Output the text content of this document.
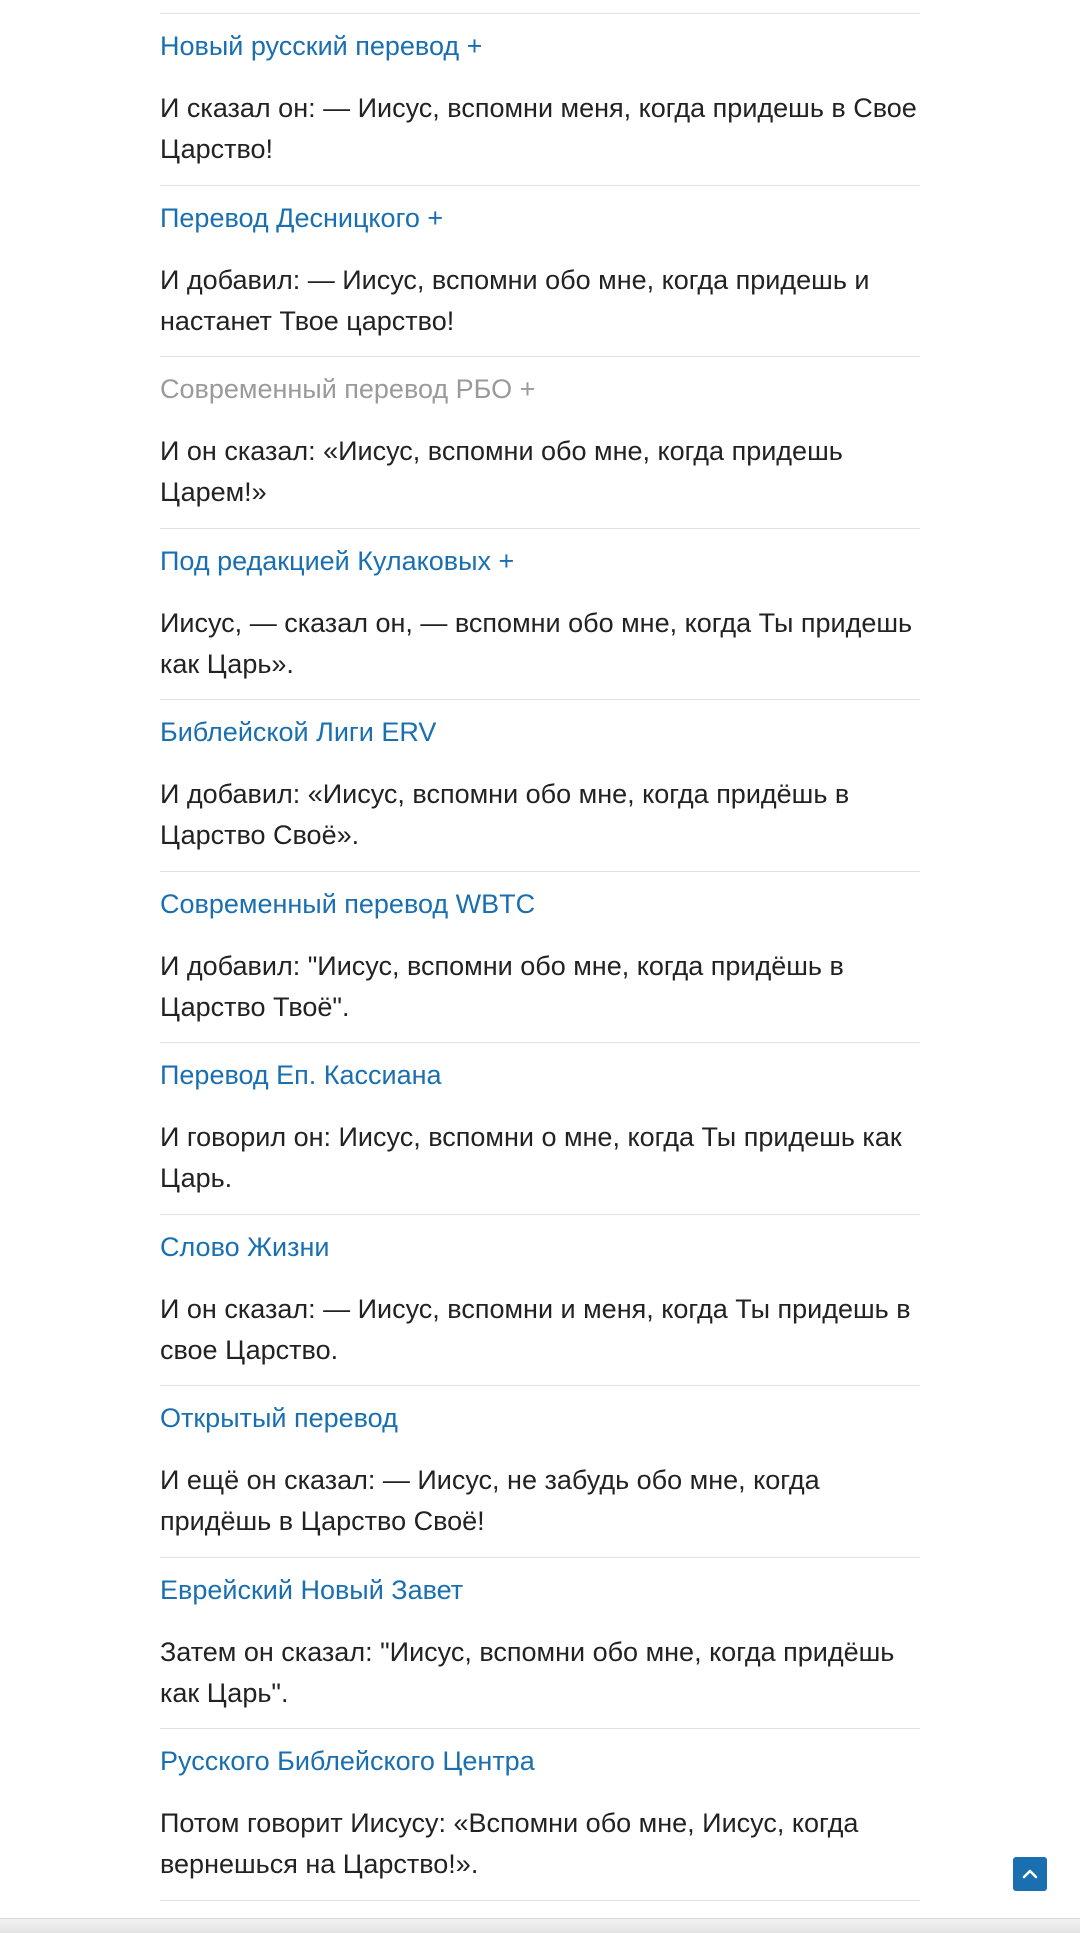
Новый русский перевод +
И сказал он: — Иисус, вспомни меня, когда придешь в Свое Царство!
Перевод Десницкого +
И добавил: — Иисус, вспомни обо мне, когда придешь и настанет Твое царство!
Современный перевод РБО +
И он сказал: «Иисус, вспомни обо мне, когда придешь Царем!»
Под редакцией Кулаковых +
Иисус, — сказал он, — вспомни обо мне, когда Ты придешь как Царь».
Библейской Лиги ERV
И добавил: «Иисус, вспомни обо мне, когда придёшь в Царство Своё».
Современный перевод WBTC
И добавил: "Иисус, вспомни обо мне, когда придёшь в Царство Твоё".
Перевод Еп. Кассиана
И говорил он: Иисус, вспомни о мне, когда Ты придешь как Царь.
Слово Жизни
И он сказал: — Иисус, вспомни и меня, когда Ты придешь в свое Царство.
Открытый перевод
И ещё он сказал: — Иисус, не забудь обо мне, когда придёшь в Царство Своё!
Еврейский Новый Завет
Затем он сказал: "Иисус, вспомни обо мне, когда придёшь как Царь".
Русского Библейского Центра
Потом говорит Иисусу: «Вспомни обо мне, Иисус, когда вернешься на Царство!».
